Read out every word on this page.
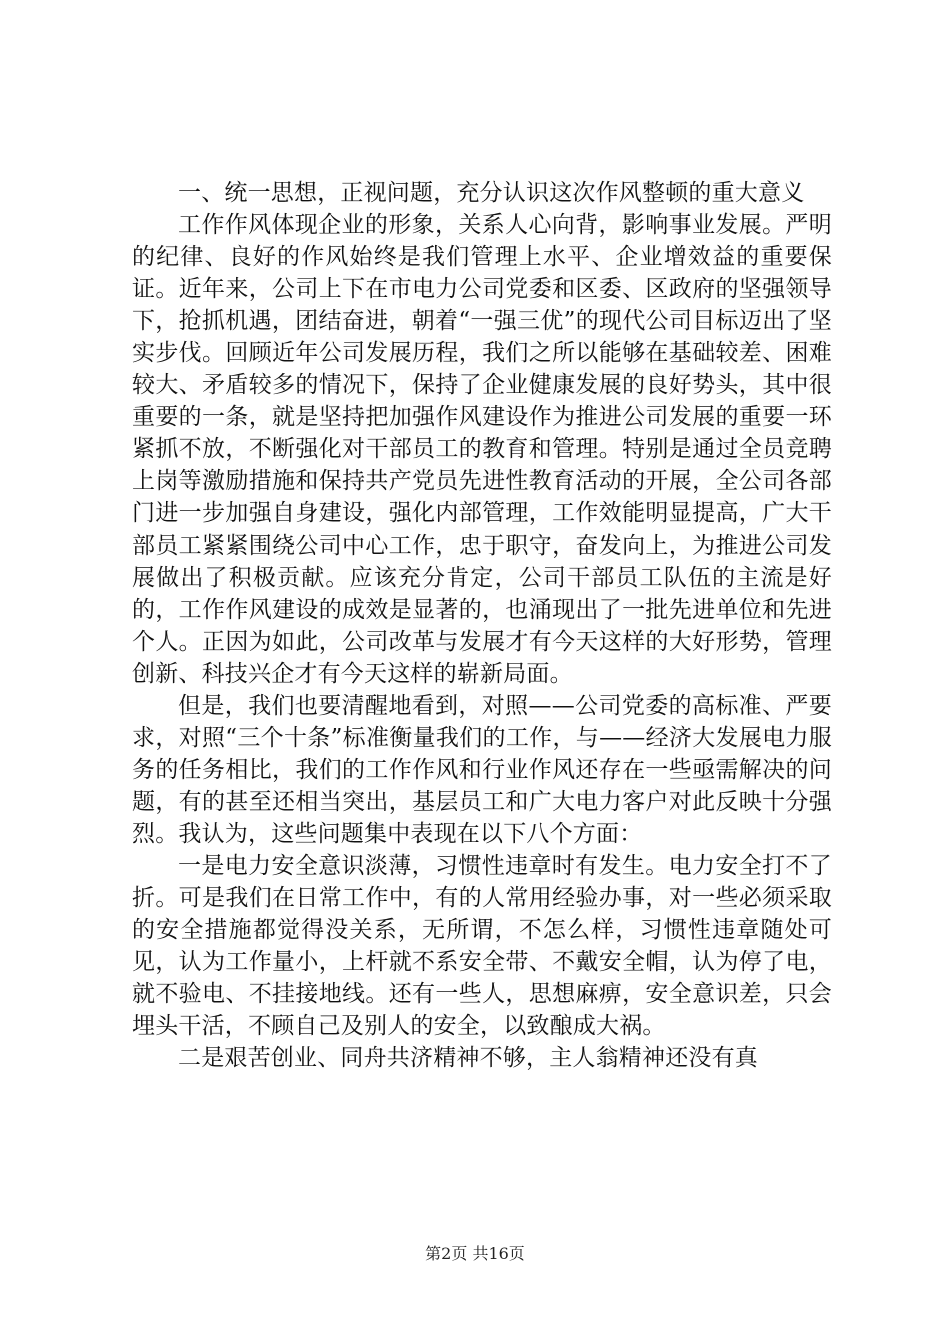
一、统一思想，正视问题，充分认识这次作风整顿的重大意义

工作作风体现企业的形象，关系人心向背，影响事业发展。严明的纪律、良好的作风始终是我们管理上水平、企业增效益的重要保证。近年来，公司上下在市电力公司党委和区委、区政府的坚强领导下，抢抓机遇，团结奋进，朝着“一强三优”的现代公司目标迈出了坚实步伐。回顾近年公司发展历程，我们之所以能够在基础较差、困难较大、矛盾较多的情况下，保持了企业健康发展的良好势头，其中很重要的一条，就是坚持把加强作风建设作为推进公司发展的重要一环紧抓不放，不断强化对干部员工的教育和管理。特别是通过全员竞聘上岗等激励措施和保持共产党员先进性教育活动的开展，全公司各部门进一步加强自身建设，强化内部管理，工作效能明显提高，广大干部员工紧紧围绕公司中心工作，忠于职守，奋发向上，为推进公司发展做出了积极贡献。应该充分肯定，公司干部员工队伍的主流是好的，工作作风建设的成效是显著的，也涌现出了一批先进单位和先进个人。正因为如此，公司改革与发展才有今天这样的大好形势，管理创新、科技兴企才有今天这样的崭新局面。

但是，我们也要清醒地看到，对照——公司党委的高标准、严要求，对照“三个十条”标准衡量我们的工作，与——经济大发展电力服务的任务相比，我们的工作作风和行业作风还存在一些亟需解决的问题，有的甚至还相当突出，基层员工和广大电力客户对此反映十分强烈。我认为，这些问题集中表现在以下八个方面：

一是电力安全意识淡薄，习惯性违章时有发生。电力安全打不了折。可是我们在日常工作中，有的人常用经验办事，对一些必须采取的安全措施都觉得没关系，无所谓，不怎么样，习惯性违章随处可见，认为工作量小，上杆就不系安全带、不戴安全帽，认为停了电，就不验电、不挂接地线。还有一些人，思想麻痹，安全意识差，只会埋头干活，不顾自己及别人的安全，以致酿成大祸。

二是艰苦创业、同舟共济精神不够，主人翁精神还没有真

第2页 共16页
